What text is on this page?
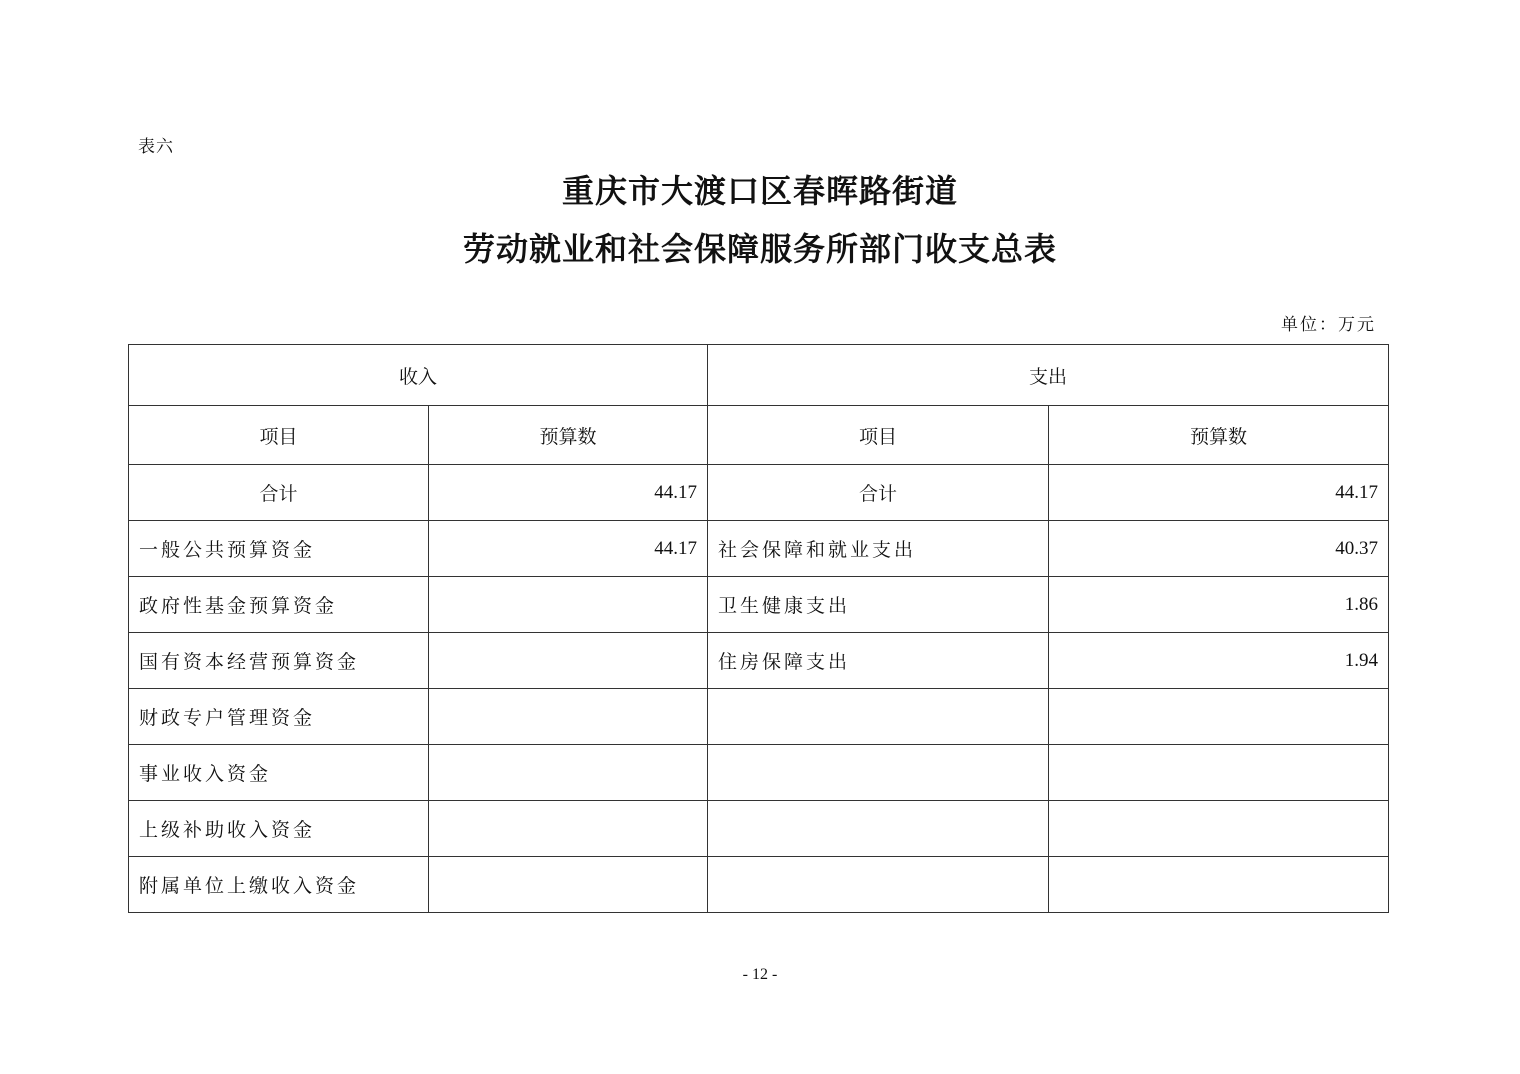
表六
重庆市大渡口区春晖路街道
劳动就业和社会保障服务所部门收支总表
单位：万元
收入		支出	
项目	预算数	项目	预算数
合计	44.17	合计	44.17
一般公共预算资金	44.17	社会保障和就业支出	40.37
政府性基金预算资金		卫生健康支出	1.86
国有资本经营预算资金		住房保障支出	1.94
财政专户管理资金			
事业收入资金			
上级补助收入资金			
附属单位上缴收入资金			
- 12 -
